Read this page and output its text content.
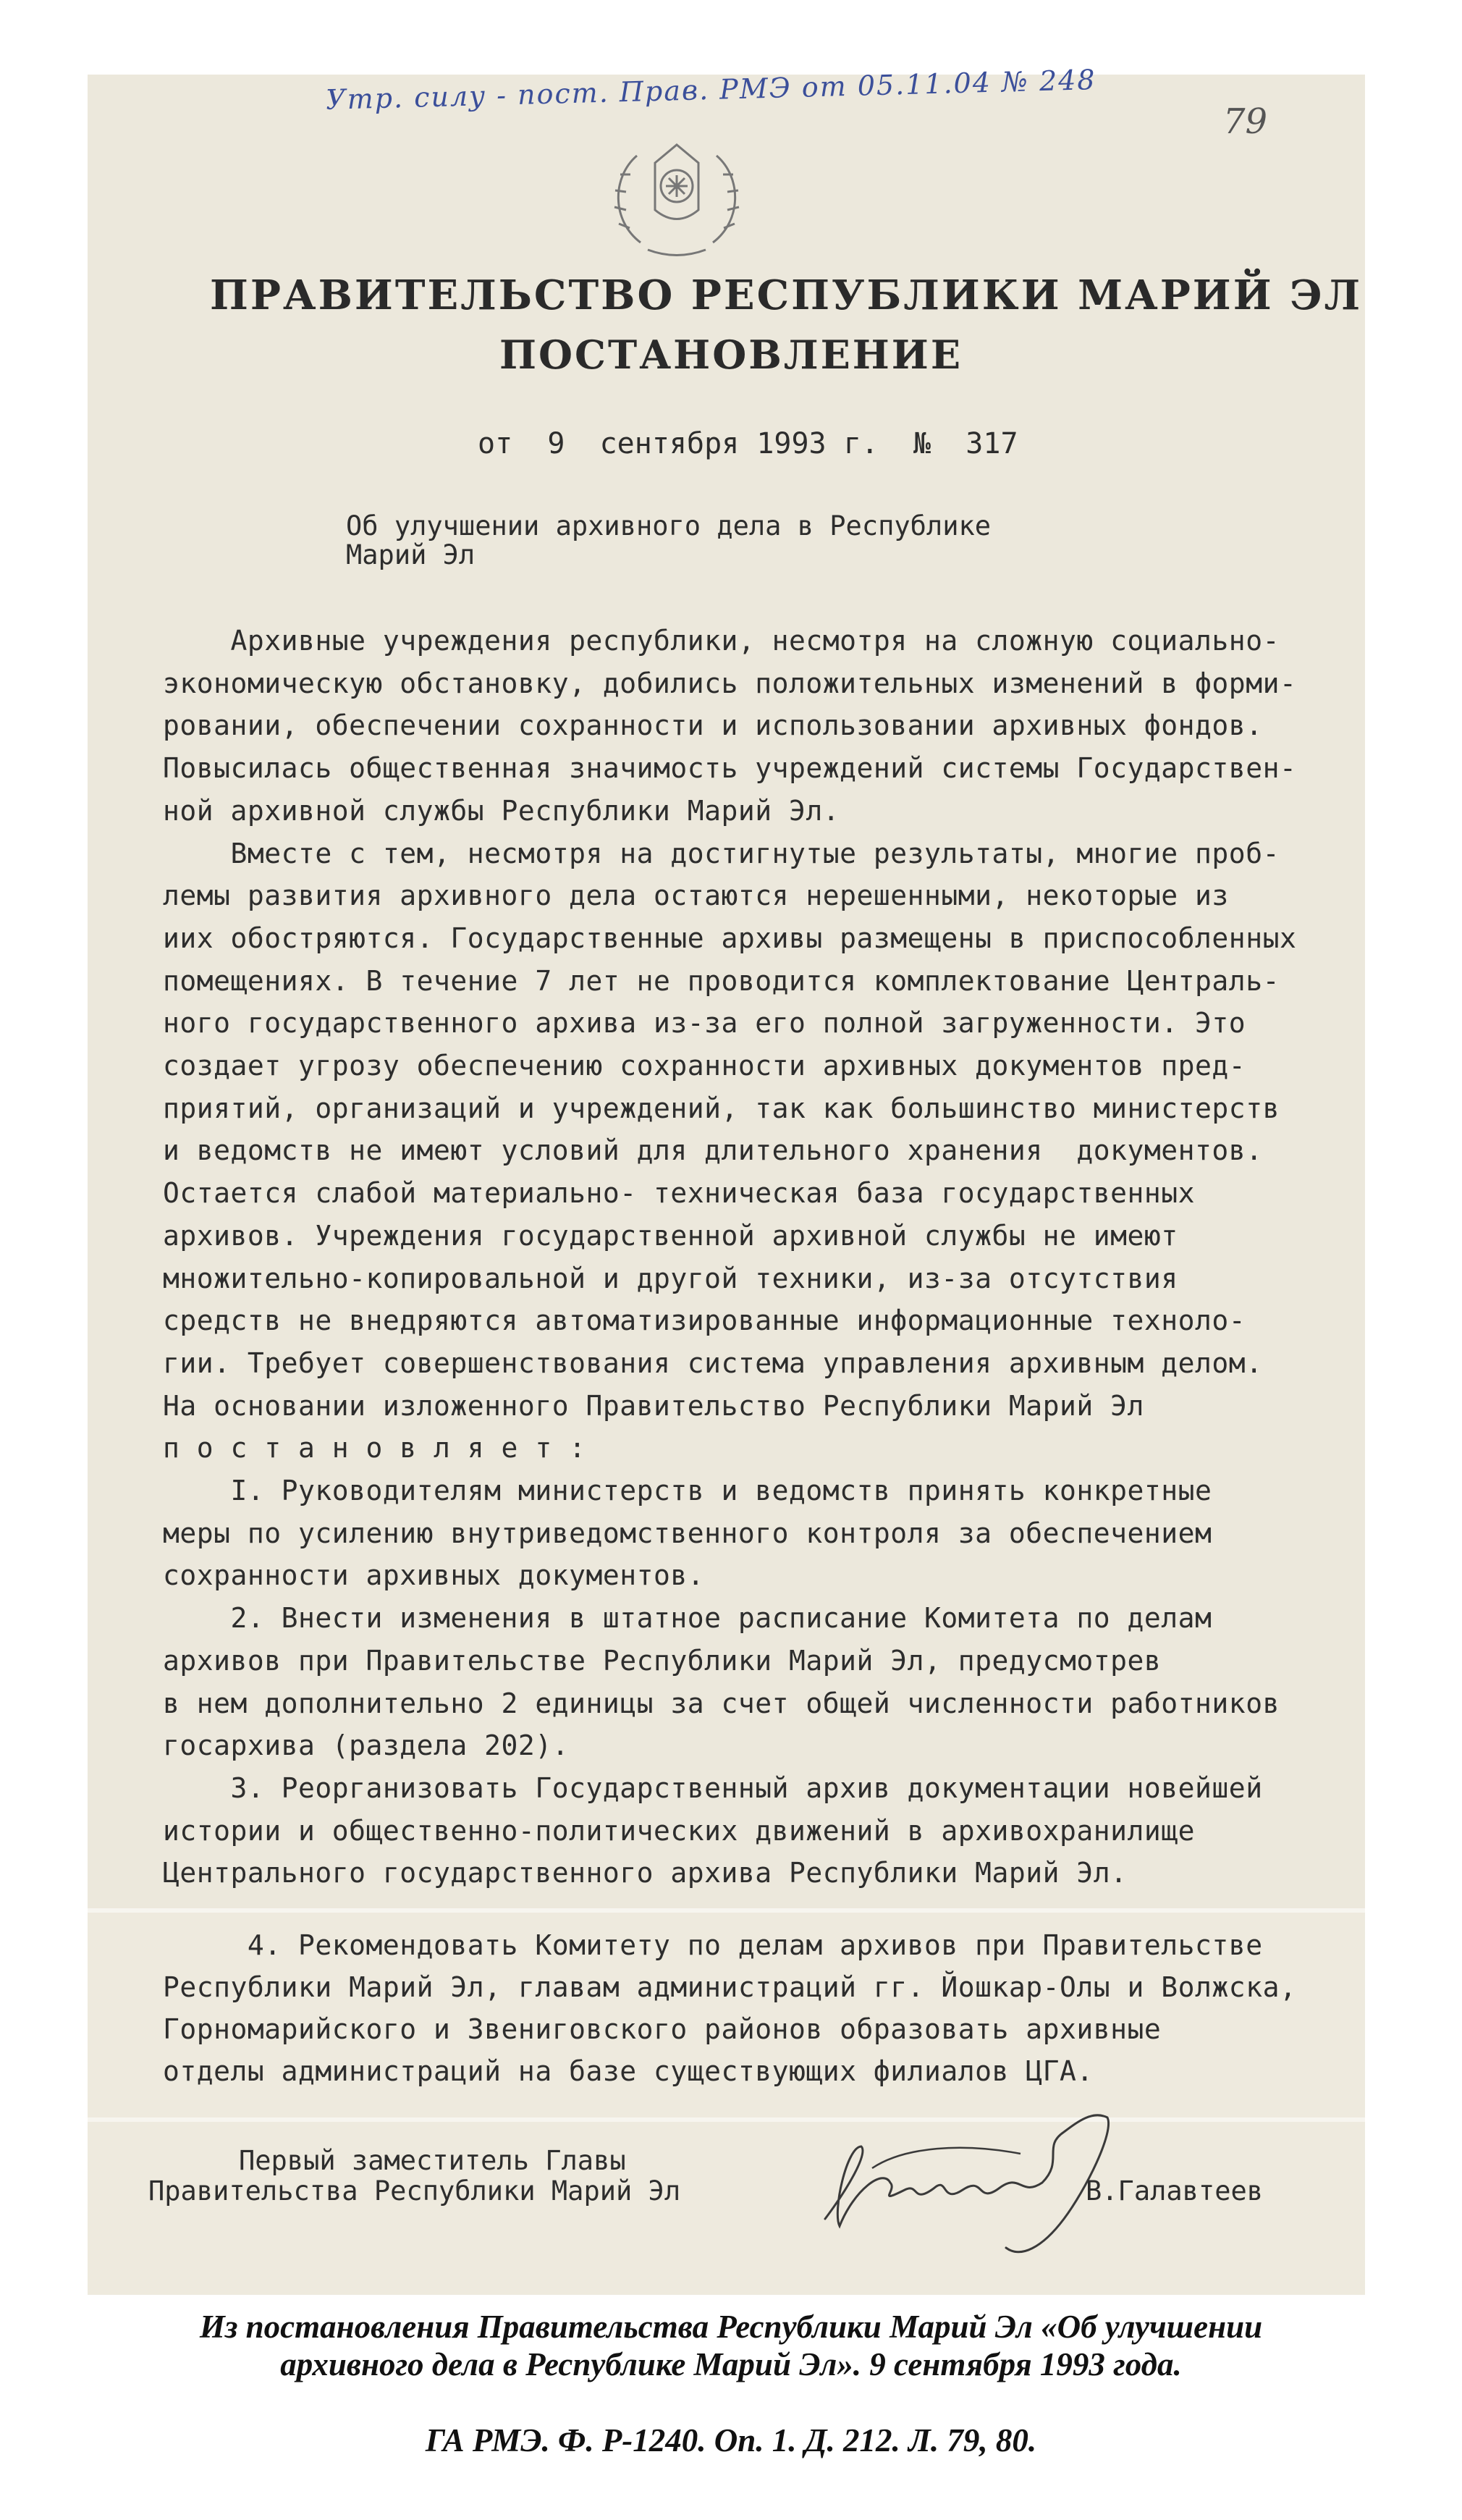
Утр. силу - пост. Прав. РМЭ от 05.11.04 № 248
79
ПРАВИТЕЛЬСТВО РЕСПУБЛИКИ МАРИЙ ЭЛ
ПОСТАНОВЛЕНИЕ
от  9  сентября 1993 г.  №  317
Об улучшении архивного дела в Республике
Марий Эл
Архивные учреждения республики, несмотря на сложную социально-
экономическую обстановку, добились положительных изменений в форми-
ровании, обеспечении сохранности и использовании архивных фондов.
Повысилась общественная значимость учреждений системы Государствен-
ной архивной службы Республики Марий Эл.
Вместе с тем, несмотря на достигнутые результаты, многие проб-
лемы развития архивного дела остаются нерешенными, некоторые из
иих обостряются. Государственные архивы размещены в приспособленных
помещениях. В течение 7 лет не проводится комплектование Централь-
ного государственного архива из-за его полной загруженности. Это
создает угрозу обеспечению сохранности архивных документов пред-
приятий, организаций и учреждений, так как большинство министерств
и ведомств не имеют условий для длительного хранения  документов.
Остается слабой материально- техническая база государственных
архивов. Учреждения государственной архивной службы не имеют
множительно-копировальной и другой техники, из-за отсутствия
средств не внедряются автоматизированные информационные техноло-
гии. Требует совершенствования система управления архивным делом.
На основании изложенного Правительство Республики Марий Эл
п о с т а н о в л я е т :
I. Руководителям министерств и ведомств принять конкретные
меры по усилению внутриведомственного контроля за обеспечением
сохранности архивных документов.
2. Внести изменения в штатное расписание Комитета по делам
архивов при Правительстве Республики Марий Эл, предусмотрев
в нем дополнительно 2 единицы за счет общей численности работников
госархива (раздела 202).
3. Реорганизовать Государственный архив документации новейшей
истории и общественно-политических движений в архивохранилище
Центрального государственного архива Республики Марий Эл.
4. Рекомендовать Комитету по делам архивов при Правительстве
Республики Марий Эл, главам администраций гг. Йошкар-Олы и Волжска,
Горномарийского и Звениговского районов образовать архивные
отделы администраций на базе существующих филиалов ЦГА.
Первый заместитель Главы
Правительства Республики Марий Эл	В.Галавтеев
Из постановления Правительства Республики Марий Эл «Об улучшении
архивного дела в Республике Марий Эл». 9 сентября 1993 года.
ГА РМЭ. Ф. Р-1240. Оп. 1. Д. 212. Л. 79, 80.
